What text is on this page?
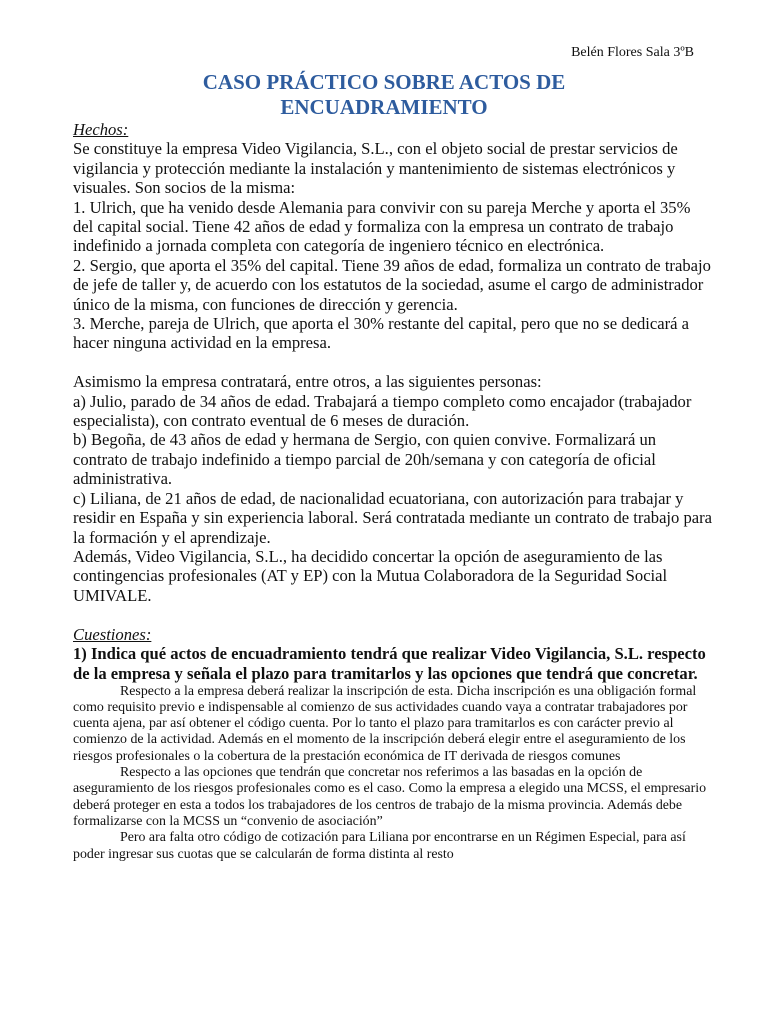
Belén Flores Sala 3ºB
CASO PRÁCTICO SOBRE ACTOS DE
ENCUADRAMIENTO

Hechos:

Se constituye la empresa Video Vigilancia, S.L., con el objeto social de prestar servicios de vigilancia y protección mediante la instalación y mantenimiento de sistemas electrónicos y visuales. Son socios de la misma:

1. Ulrich, que ha venido desde Alemania para convivir con su pareja Merche y aporta el 35% del capital social. Tiene 42 años de edad y formaliza con la empresa un contrato de trabajo indefinido a jornada completa con categoría de ingeniero técnico en electrónica.

2. Sergio, que aporta el 35% del capital. Tiene 39 años de edad, formaliza un contrato de trabajo de jefe de taller y, de acuerdo con los estatutos de la sociedad, asume el cargo de administrador único de la misma, con funciones de dirección y gerencia.

3. Merche, pareja de Ulrich, que aporta el 30% restante del capital, pero que no se dedicará a hacer ninguna actividad en la empresa.

Asimismo la empresa contratará, entre otros, a las siguientes personas:

a) Julio, parado de 34 años de edad. Trabajará a tiempo completo como encajador (trabajador especialista), con contrato eventual de 6 meses de duración.

b) Begoña, de 43 años de edad y hermana de Sergio, con quien convive. Formalizará un contrato de trabajo indefinido a tiempo parcial de 20h/semana y con categoría de oficial administrativa.

c) Liliana, de 21 años de edad, de nacionalidad ecuatoriana, con autorización para trabajar y residir en España y sin experiencia laboral. Será contratada mediante un contrato de trabajo para la formación y el aprendizaje.

Además, Video Vigilancia, S.L., ha decidido concertar la opción de aseguramiento de las contingencias profesionales (AT y EP) con la Mutua Colaboradora de la Seguridad Social UMIVALE.

Cuestiones:

1) Indica qué actos de encuadramiento tendrá que realizar Video Vigilancia, S.L. respecto de la empresa y señala el plazo para tramitarlos y las opciones que tendrá que concretar.

Respecto a la empresa deberá realizar la inscripción de esta. Dicha inscripción es una obligación formal como requisito previo e indispensable al comienzo de sus actividades cuando vaya a contratar trabajadores por cuenta ajena, par así obtener el código cuenta. Por lo tanto el plazo para tramitarlos es con carácter previo al comienzo de la actividad. Además en el momento de la inscripción deberá elegir entre el aseguramiento de los riesgos profesionales o la cobertura de la prestación económica de IT derivada de riesgos comunes

Respecto a las opciones que tendrán que concretar nos referimos a las basadas en la opción de aseguramiento de los riesgos profesionales como es el caso. Como la empresa a elegido una MCSS, el empresario deberá proteger en esta a todos los trabajadores de los centros de trabajo de la misma provincia. Además debe formalizarse con la MCSS un “convenio de asociación”

Pero ara falta otro código de cotización para Liliana por encontrarse en un Régimen Especial, para así poder ingresar sus cuotas que se calcularán de forma distinta al resto
